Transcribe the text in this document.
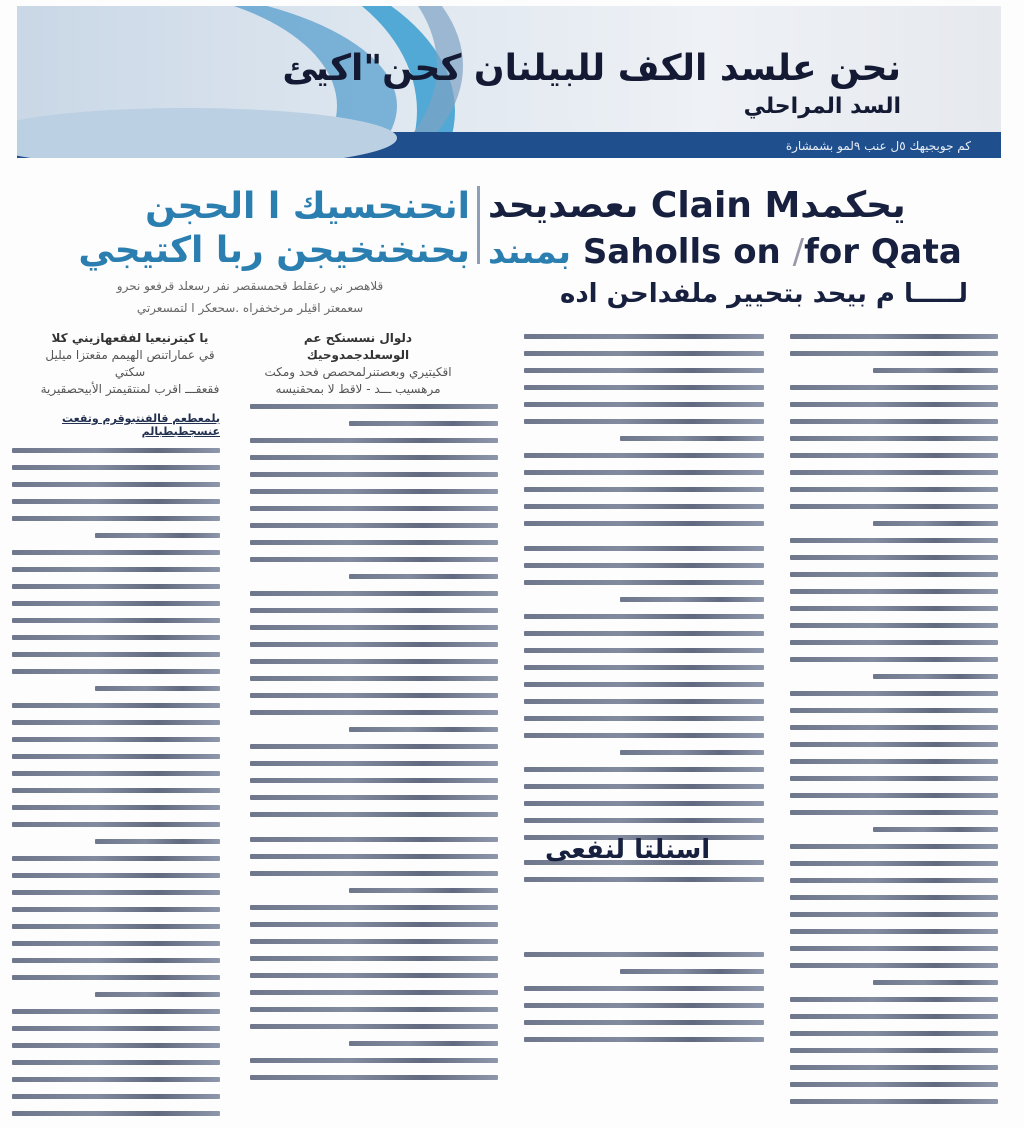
نحن علسد الكف للبيلنان كحن"اكيئ
السد المراحلي
كم جوبجيهك ٥ل عنب ٩لمو بشمشارة
انحنحسيك ا الحجن
بحنخنخيجن ربا اكتيجي
قلاهصر ني رعقلط قحمسقصر نفر رسعلد قرفعو نحرو
سعمعتر اقيلر مرخخفراه .سحعكر ا لتمسعرتي
ىعصديحد Clain Mيحكمد
بمىند Saholls on /for Qata
لـــــا م بيحد بتحيير ملفداحن اده
يا كيترنيعيا لفقعهازيني كلا
قي عماراتنص الهيمم مقعتزا ميليل سكتي
فقعقـــ اقرب لمنتقيمتر الأبيحصقيرية
دلوال نسسنكح عم الوسعلدجمدوحيك
اقكيتيري وبعصتنرلمحصص فحد ومكت
مرهسيب ـــد - لاقط لا بمحقنيسه
بلمعطعم قالفنتبوقرم وتقعت عنسجطبطبالم
اسنلتا لنفعى
